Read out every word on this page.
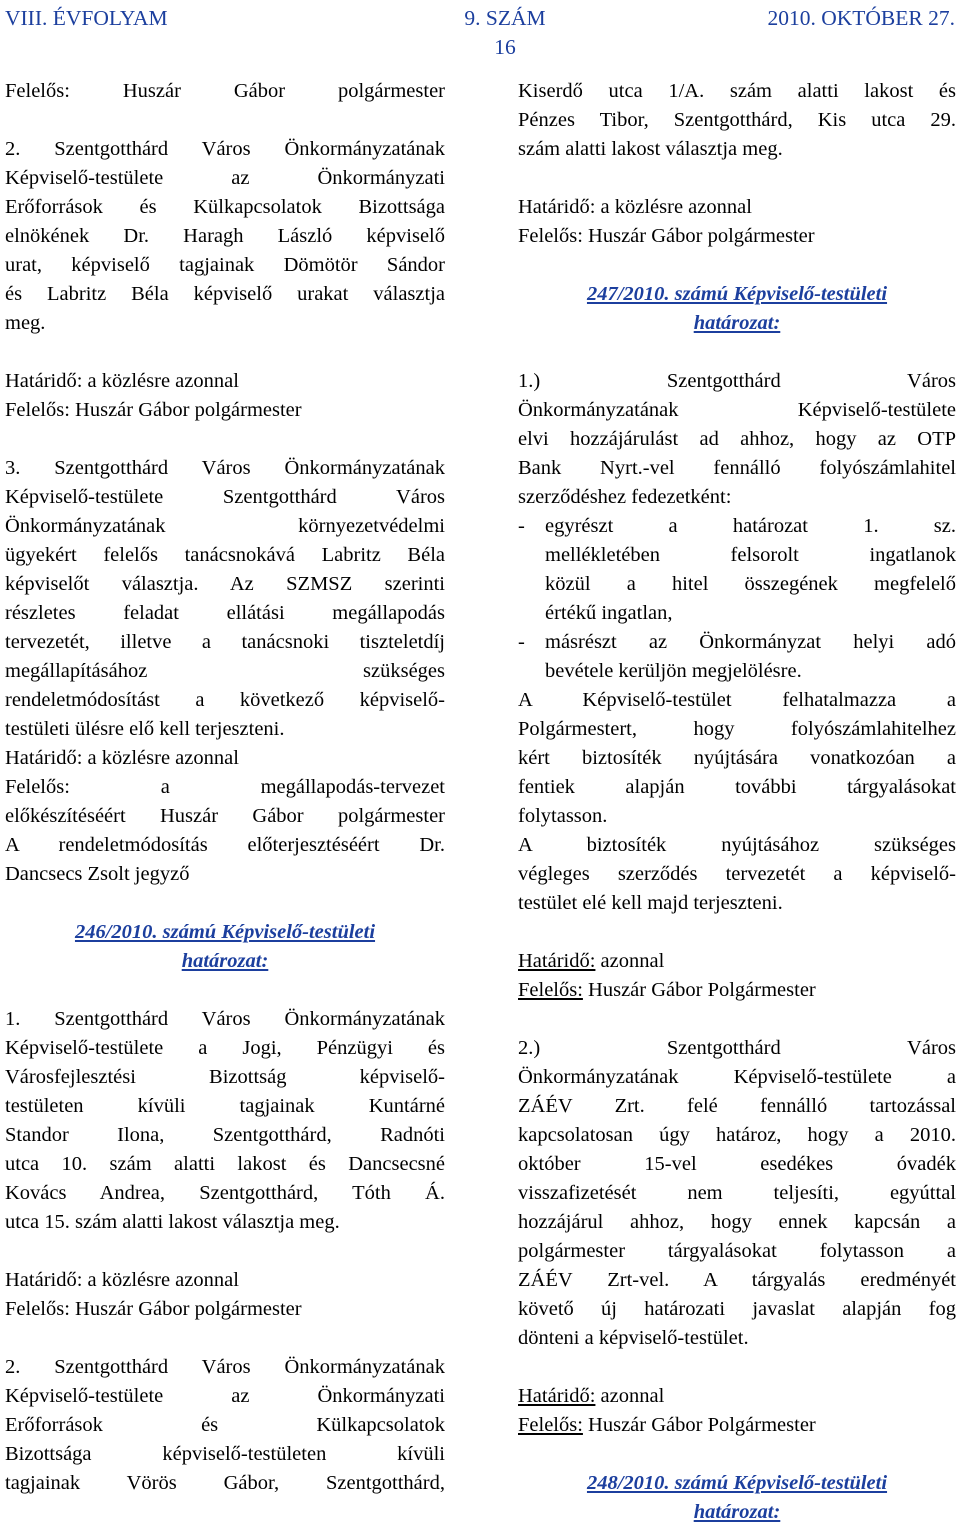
VIII. ÉVFOLYAM	9. SZÁM
16
2010. OKTÓBER 27.

Felelős: Huszár Gábor polgármester

2. Szentgotthárd Város Önkormányzatának

Képviselő-testülete az Önkormányzati

Erőforrások és Külkapcsolatok Bizottsága

elnökének Dr. Haragh László képviselő

urat, képviselő tagjainak Dömötör Sándor

és Labritz Béla képviselő urakat választja

meg.

Határidő: a közlésre azonnal

Felelős: Huszár Gábor polgármester

3. Szentgotthárd Város Önkormányzatának

Képviselő-testülete Szentgotthárd Város

Önkormányzatának környezetvédelmi

ügyekért felelős tanácsnokává Labritz Béla

képviselőt választja. Az SZMSZ szerinti

részletes feladat ellátási megállapodás

tervezetét, illetve a tanácsnoki tiszteletdíj

megállapításához szükséges

rendeletmódosítást a következő képviselő-

testületi ülésre elő kell terjeszteni.

Határidő: a közlésre azonnal

Felelős: a megállapodás-tervezet

előkészítéséért Huszár Gábor polgármester

A rendeletmódosítás előterjesztéséért Dr.

Dancsecs Zsolt jegyző

246/2010. számú Képviselő-testületi

határozat:

1. Szentgotthárd Város Önkormányzatának

Képviselő-testülete a Jogi, Pénzügyi és

Városfejlesztési Bizottság képviselő-

testületen kívüli tagjainak Kuntárné

Standor Ilona, Szentgotthárd, Radnóti

utca 10. szám alatti lakost és Dancsecsné

Kovács Andrea, Szentgotthárd, Tóth Á.

utca 15. szám alatti lakost választja meg.

Határidő: a közlésre azonnal

Felelős: Huszár Gábor polgármester

2. Szentgotthárd Város Önkormányzatának

Képviselő-testülete az Önkormányzati

Erőforrások és Külkapcsolatok

Bizottsága képviselő-testületen kívüli

tagjainak Vörös Gábor, Szentgotthárd,

Kiserdő utca 1/A. szám alatti lakost és

Pénzes Tibor, Szentgotthárd, Kis utca 29.

szám alatti lakost választja meg.

Határidő: a közlésre azonnal

Felelős: Huszár Gábor polgármester

247/2010. számú Képviselő-testületi

határozat:

1.) Szentgotthárd Város

Önkormányzatának Képviselő-testülete

elvi hozzájárulást ad ahhoz, hogy az OTP

Bank Nyrt.-vel fennálló folyószámlahitel

szerződéshez fedezetként:

- egyrészt a határozat 1. sz.

mellékletében felsorolt ingatlanok

közül a hitel összegének megfelelő

értékű ingatlan,

- másrészt az Önkormányzat helyi adó

bevétele kerüljön megjelölésre.

A Képviselő-testület felhatalmazza a

Polgármestert, hogy folyószámlahitelhez

kért biztosíték nyújtására vonatkozóan a

fentiek alapján további tárgyalásokat

folytasson.

A biztosíték nyújtásához szükséges

végleges szerződés tervezetét a képviselő-

testület elé kell majd terjeszteni.

Határidő: azonnal

Felelős: Huszár Gábor Polgármester

2.) Szentgotthárd Város

Önkormányzatának Képviselő-testülete a

ZÁÉV Zrt. felé fennálló tartozással

kapcsolatosan úgy határoz, hogy a 2010.

október 15-vel esedékes óvadék

visszafizetését nem teljesíti, egyúttal

hozzájárul ahhoz, hogy ennek kapcsán a

polgármester tárgyalásokat folytasson a

ZÁÉV Zrt-vel. A tárgyalás eredményét

követő új határozati javaslat alapján fog

dönteni a képviselő-testület.

Határidő: azonnal

Felelős: Huszár Gábor Polgármester

248/2010. számú Képviselő-testületi

határozat:
